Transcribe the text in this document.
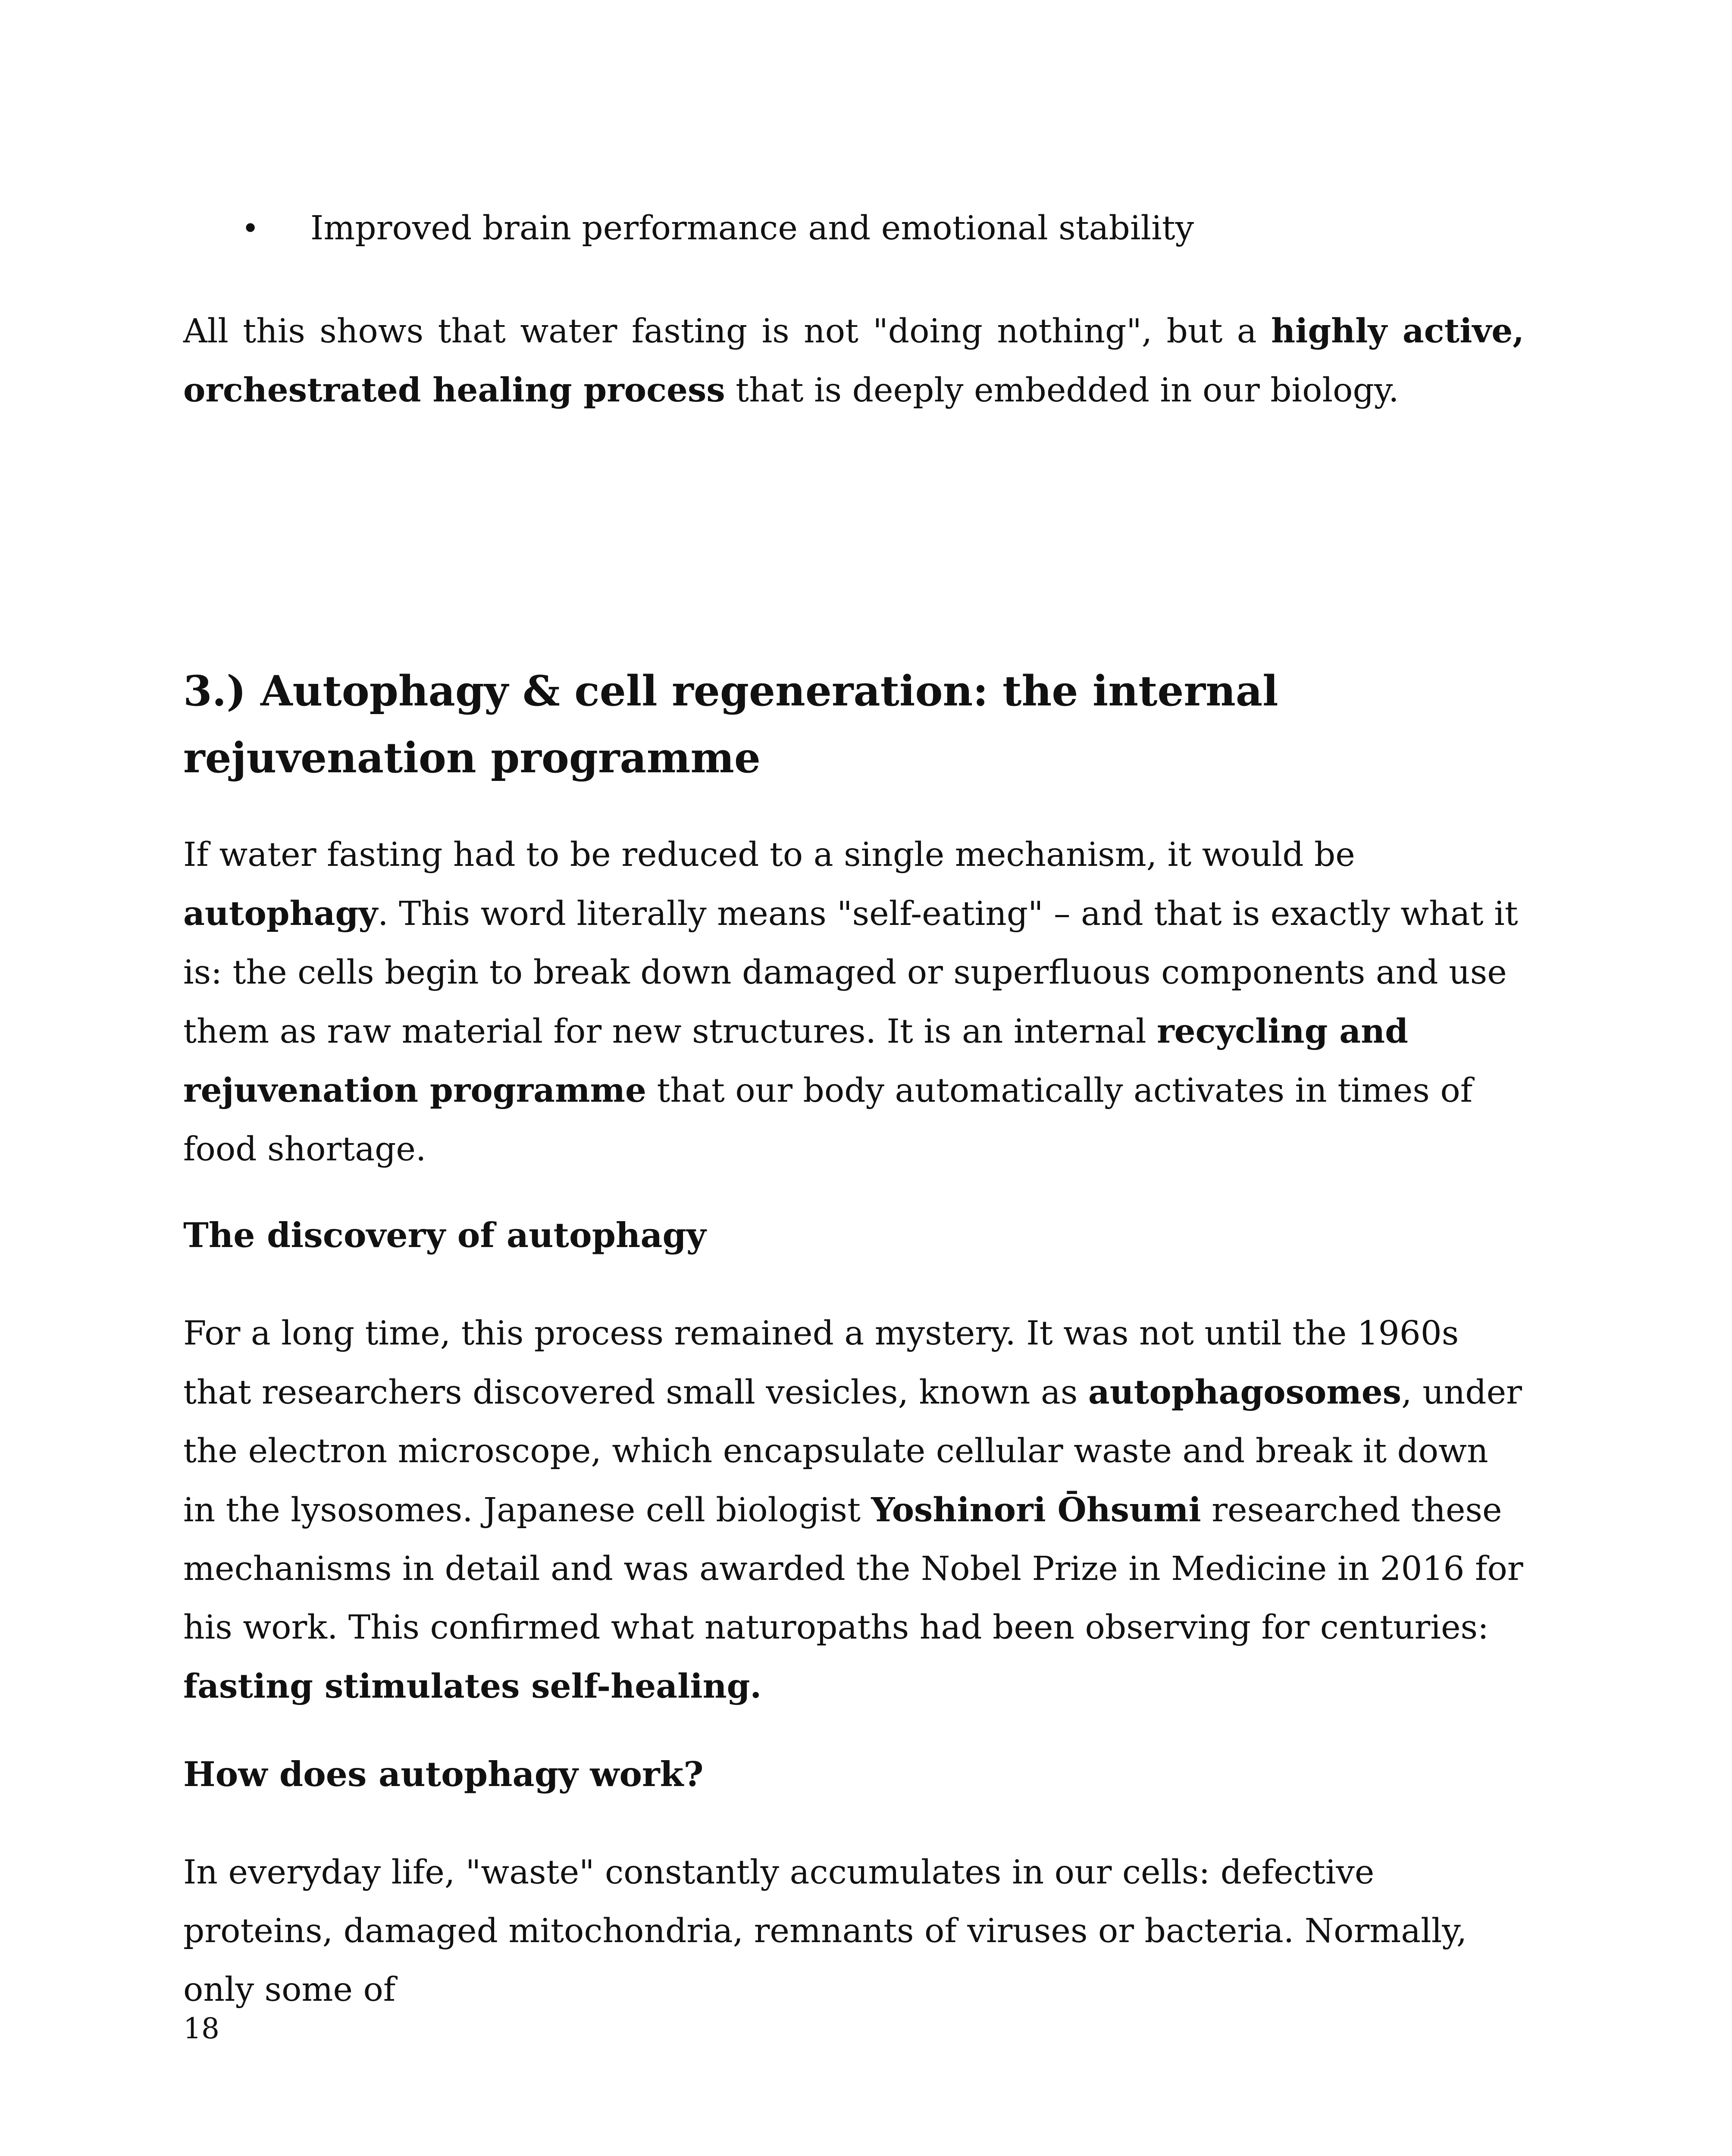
• Improved brain performance and emotional stability

All this shows that water fasting is not "doing nothing", but a highly active, orchestrated healing process that is deeply embedded in our biology.

3.) Autophagy & cell regeneration: the internal rejuvenation programme

If water fasting had to be reduced to a single mechanism, it would be autophagy. This word literally means "self-eating" – and that is exactly what it is: the cells begin to break down damaged or superfluous components and use them as raw material for new structures. It is an internal recycling and rejuvenation programme that our body automatically activates in times of food shortage.

The discovery of autophagy

For a long time, this process remained a mystery. It was not until the 1960s that researchers discovered small vesicles, known as autophagosomes, under the electron microscope, which encapsulate cellular waste and break it down in the lysosomes. Japanese cell biologist Yoshinori Ōhsumi researched these mechanisms in detail and was awarded the Nobel Prize in Medicine in 2016 for his work. This confirmed what naturopaths had been observing for centuries: fasting stimulates self-healing.

How does autophagy work?

In everyday life, "waste" constantly accumulates in our cells: defective proteins, damaged mitochondria, remnants of viruses or bacteria. Normally, only some of

18
